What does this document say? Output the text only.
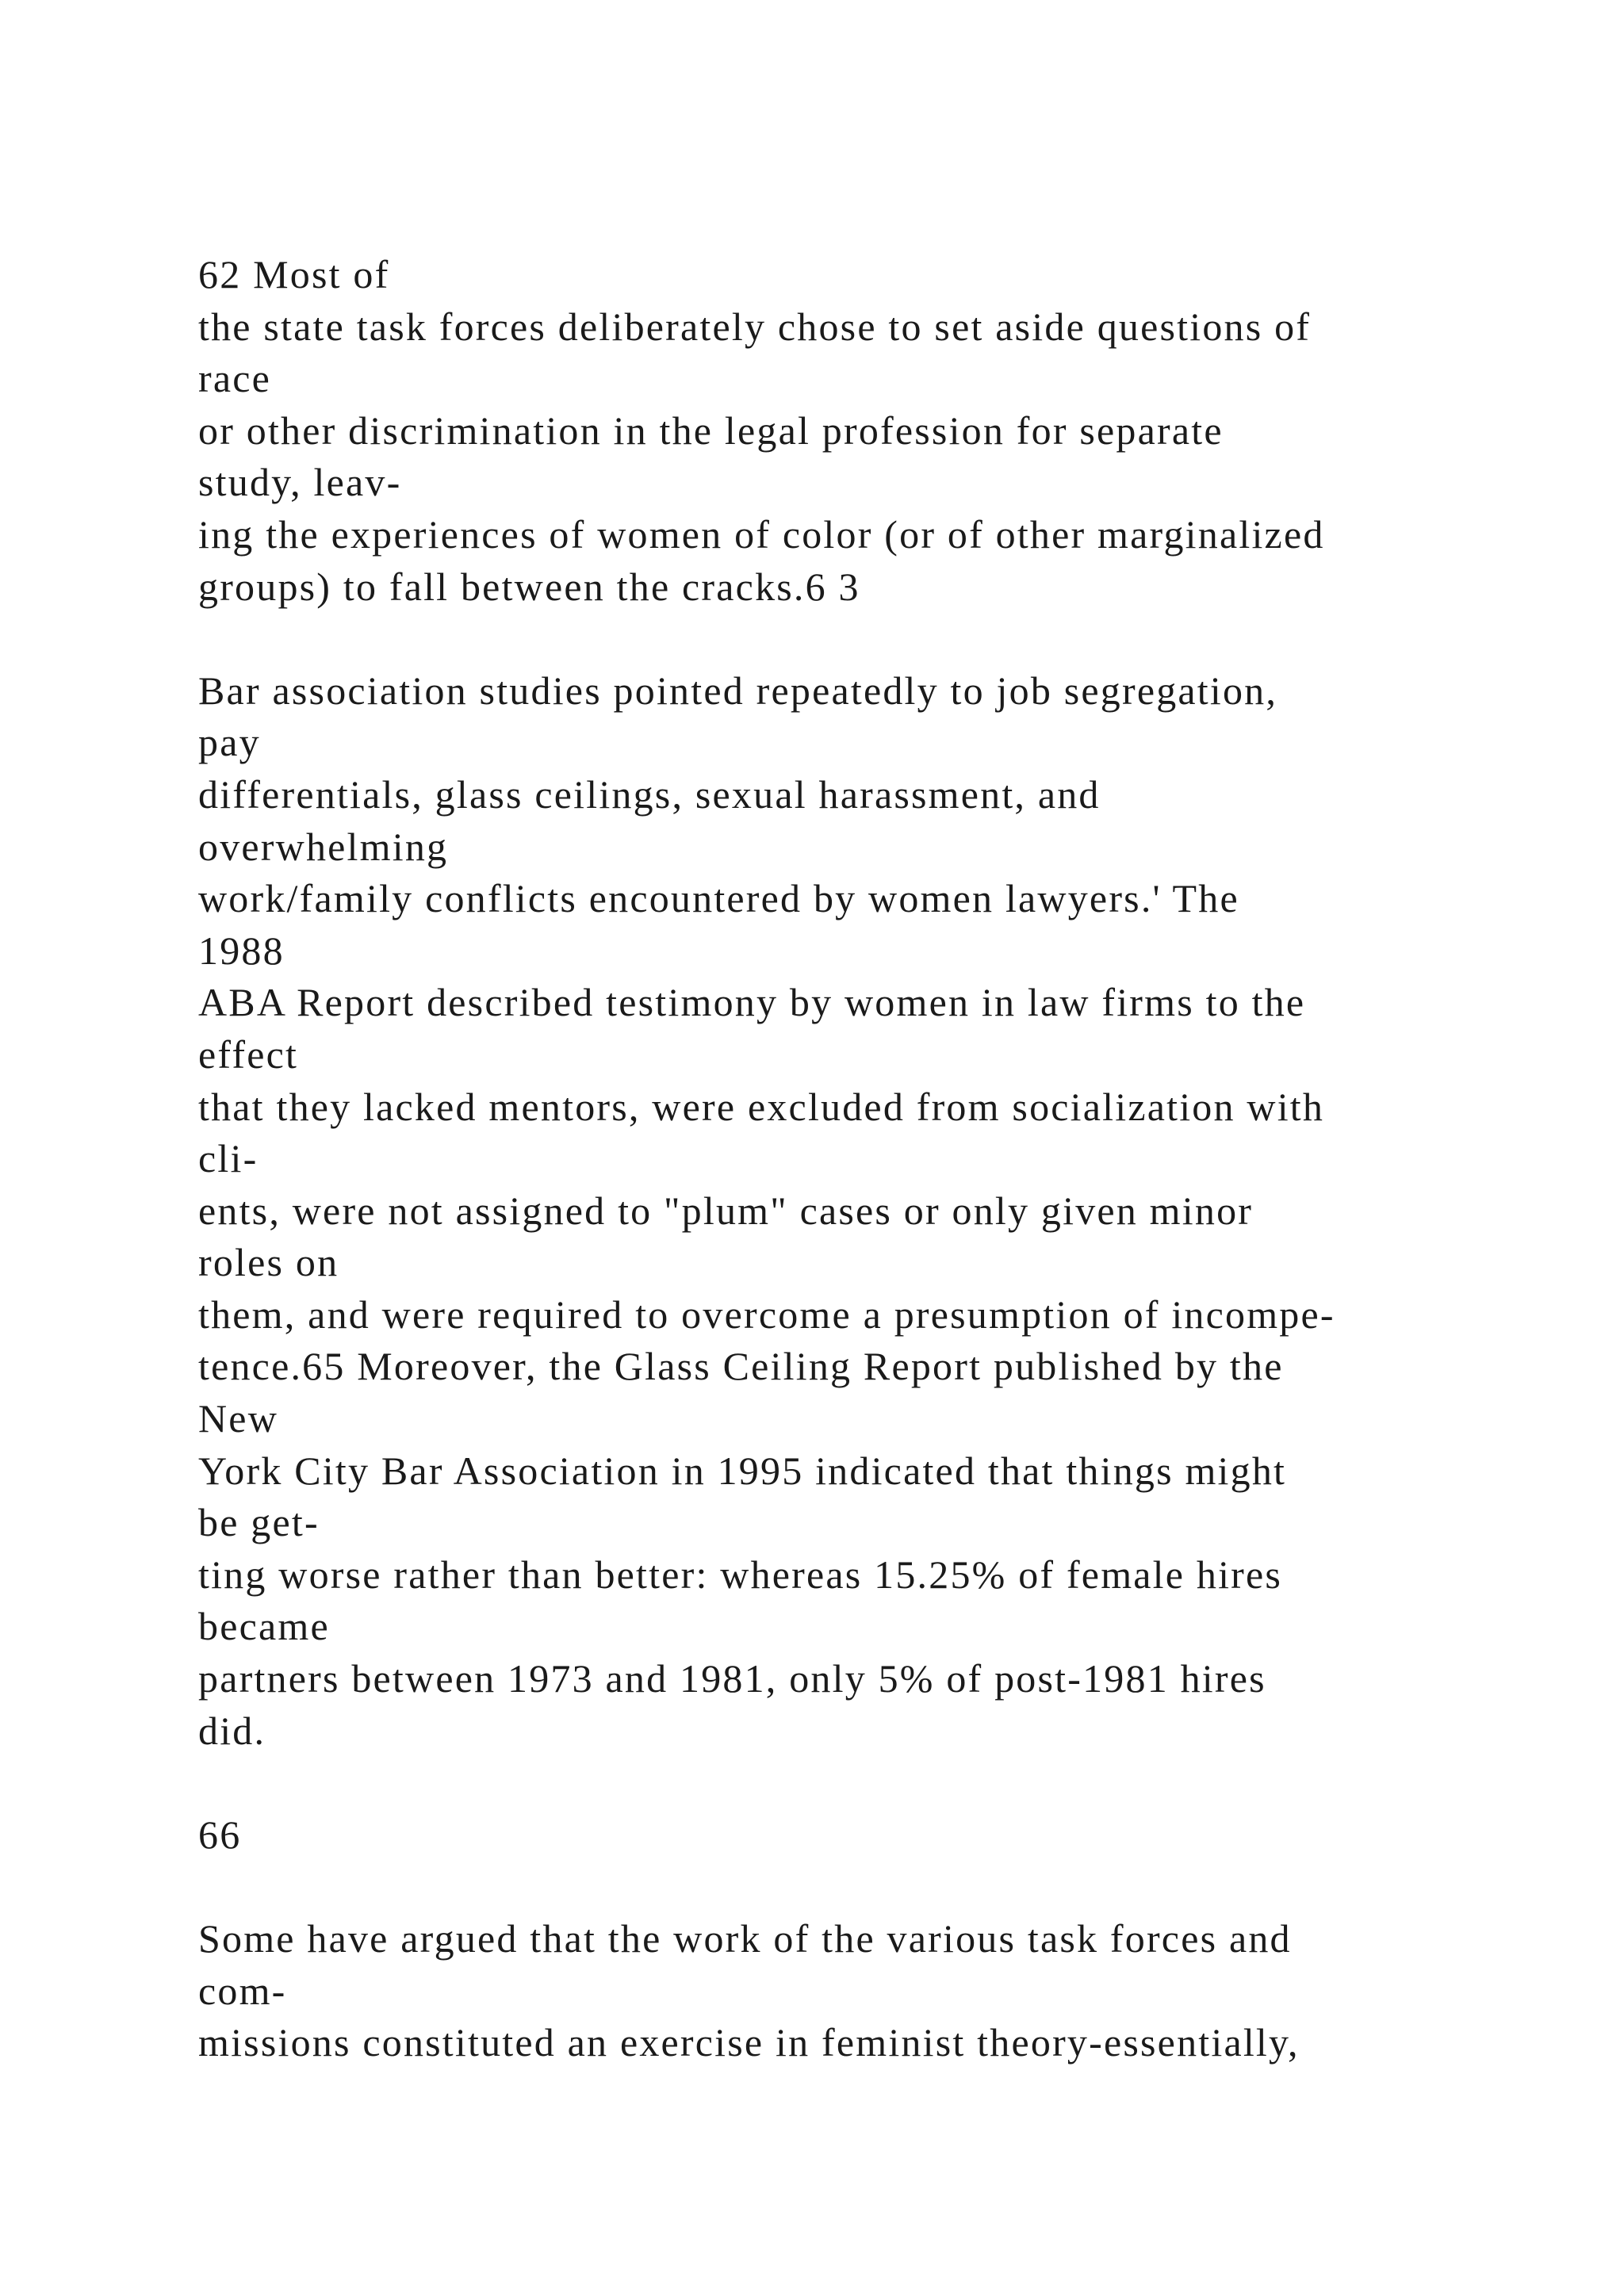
62 Most of
the state task forces deliberately chose to set aside questions of
race
or other discrimination in the legal profession for separate
study, leav-
ing the experiences of women of color (or of other marginalized
groups) to fall between the cracks.6 3
Bar association studies pointed repeatedly to job segregation,
pay
differentials, glass ceilings, sexual harassment, and
overwhelming
work/family conflicts encountered by women lawyers.' The
1988
ABA Report described testimony by women in law firms to the
effect
that they lacked mentors, were excluded from socialization with
cli-
ents, were not assigned to "plum" cases or only given minor
roles on
them, and were required to overcome a presumption of incompe-
tence.65 Moreover, the Glass Ceiling Report published by the
New
York City Bar Association in 1995 indicated that things might
be get-
ting worse rather than better: whereas 15.25% of female hires
became
partners between 1973 and 1981, only 5% of post-1981 hires
did.
66
Some have argued that the work of the various task forces and
com-
missions constituted an exercise in feminist theory-essentially,
